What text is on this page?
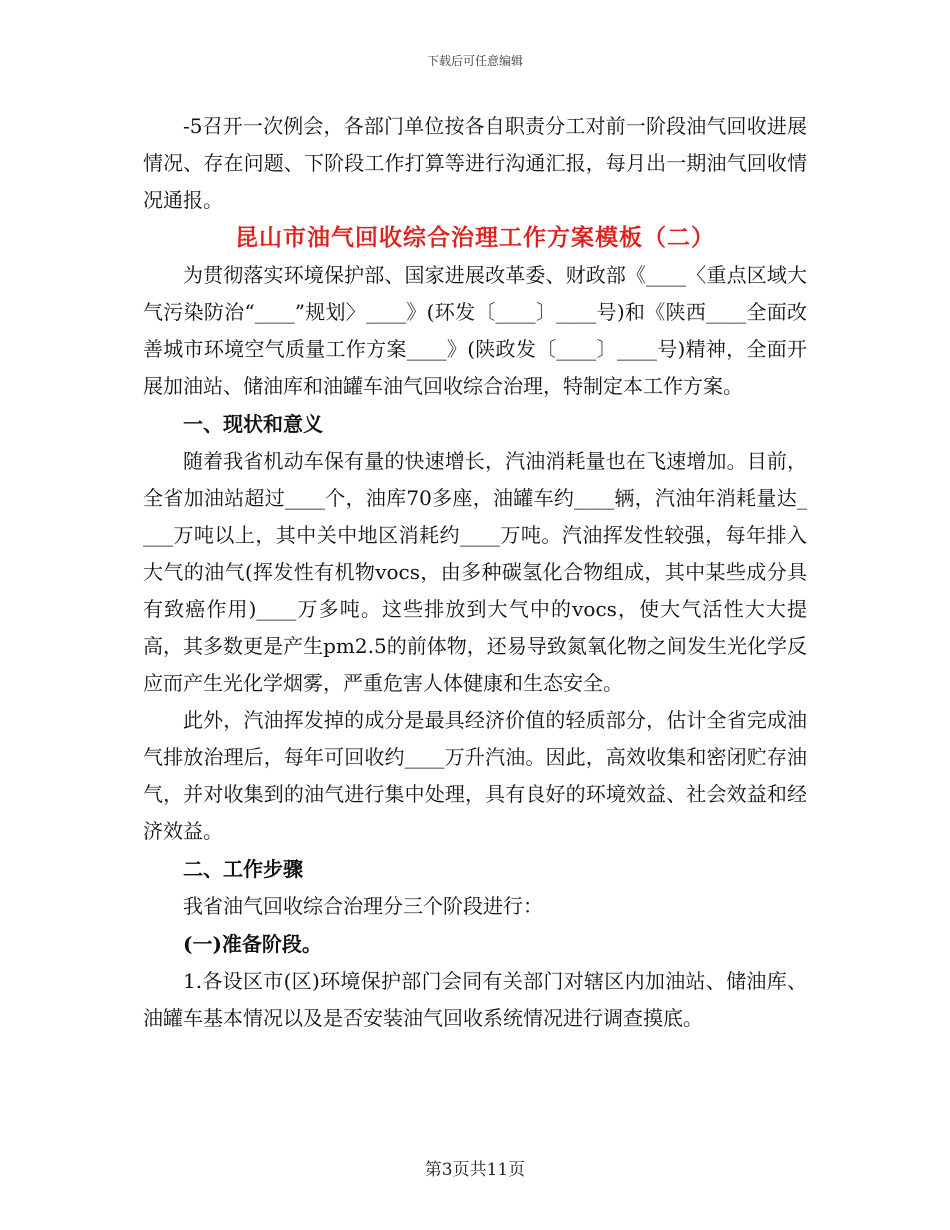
下载后可任意编辑

-5召开一次例会，各部门单位按各自职责分工对前一阶段油气回收进展情况、存在问题、下阶段工作打算等进行沟通汇报，每月出一期油气回收情况通报。

昆山市油气回收综合治理工作方案模板（二）

为贯彻落实环境保护部、国家进展改革委、财政部《____〈重点区域大气污染防治“____”规划〉____》(环发〔____〕____号)和《陕西____全面改善城市环境空气质量工作方案____》(陕政发〔____〕____号)精神，全面开展加油站、储油库和油罐车油气回收综合治理，特制定本工作方案。

一、现状和意义

随着我省机动车保有量的快速增长，汽油消耗量也在飞速增加。目前，全省加油站超过____个，油库70多座，油罐车约____辆，汽油年消耗量达____万吨以上，其中关中地区消耗约____万吨。汽油挥发性较强，每年排入大气的油气(挥发性有机物vocs，由多种碳氢化合物组成，其中某些成分具有致癌作用)____万多吨。这些排放到大气中的vocs，使大气活性大大提高，其多数更是产生pm2.5的前体物，还易导致氮氧化物之间发生光化学反应而产生光化学烟雾，严重危害人体健康和生态安全。

此外，汽油挥发掉的成分是最具经济价值的轻质部分，估计全省完成油气排放治理后，每年可回收约____万升汽油。因此，高效收集和密闭贮存油气，并对收集到的油气进行集中处理，具有良好的环境效益、社会效益和经济效益。

二、工作步骤

我省油气回收综合治理分三个阶段进行：

(一)准备阶段。

1.各设区市(区)环境保护部门会同有关部门对辖区内加油站、储油库、油罐车基本情况以及是否安装油气回收系统情况进行调查摸底。

第3页共11页
